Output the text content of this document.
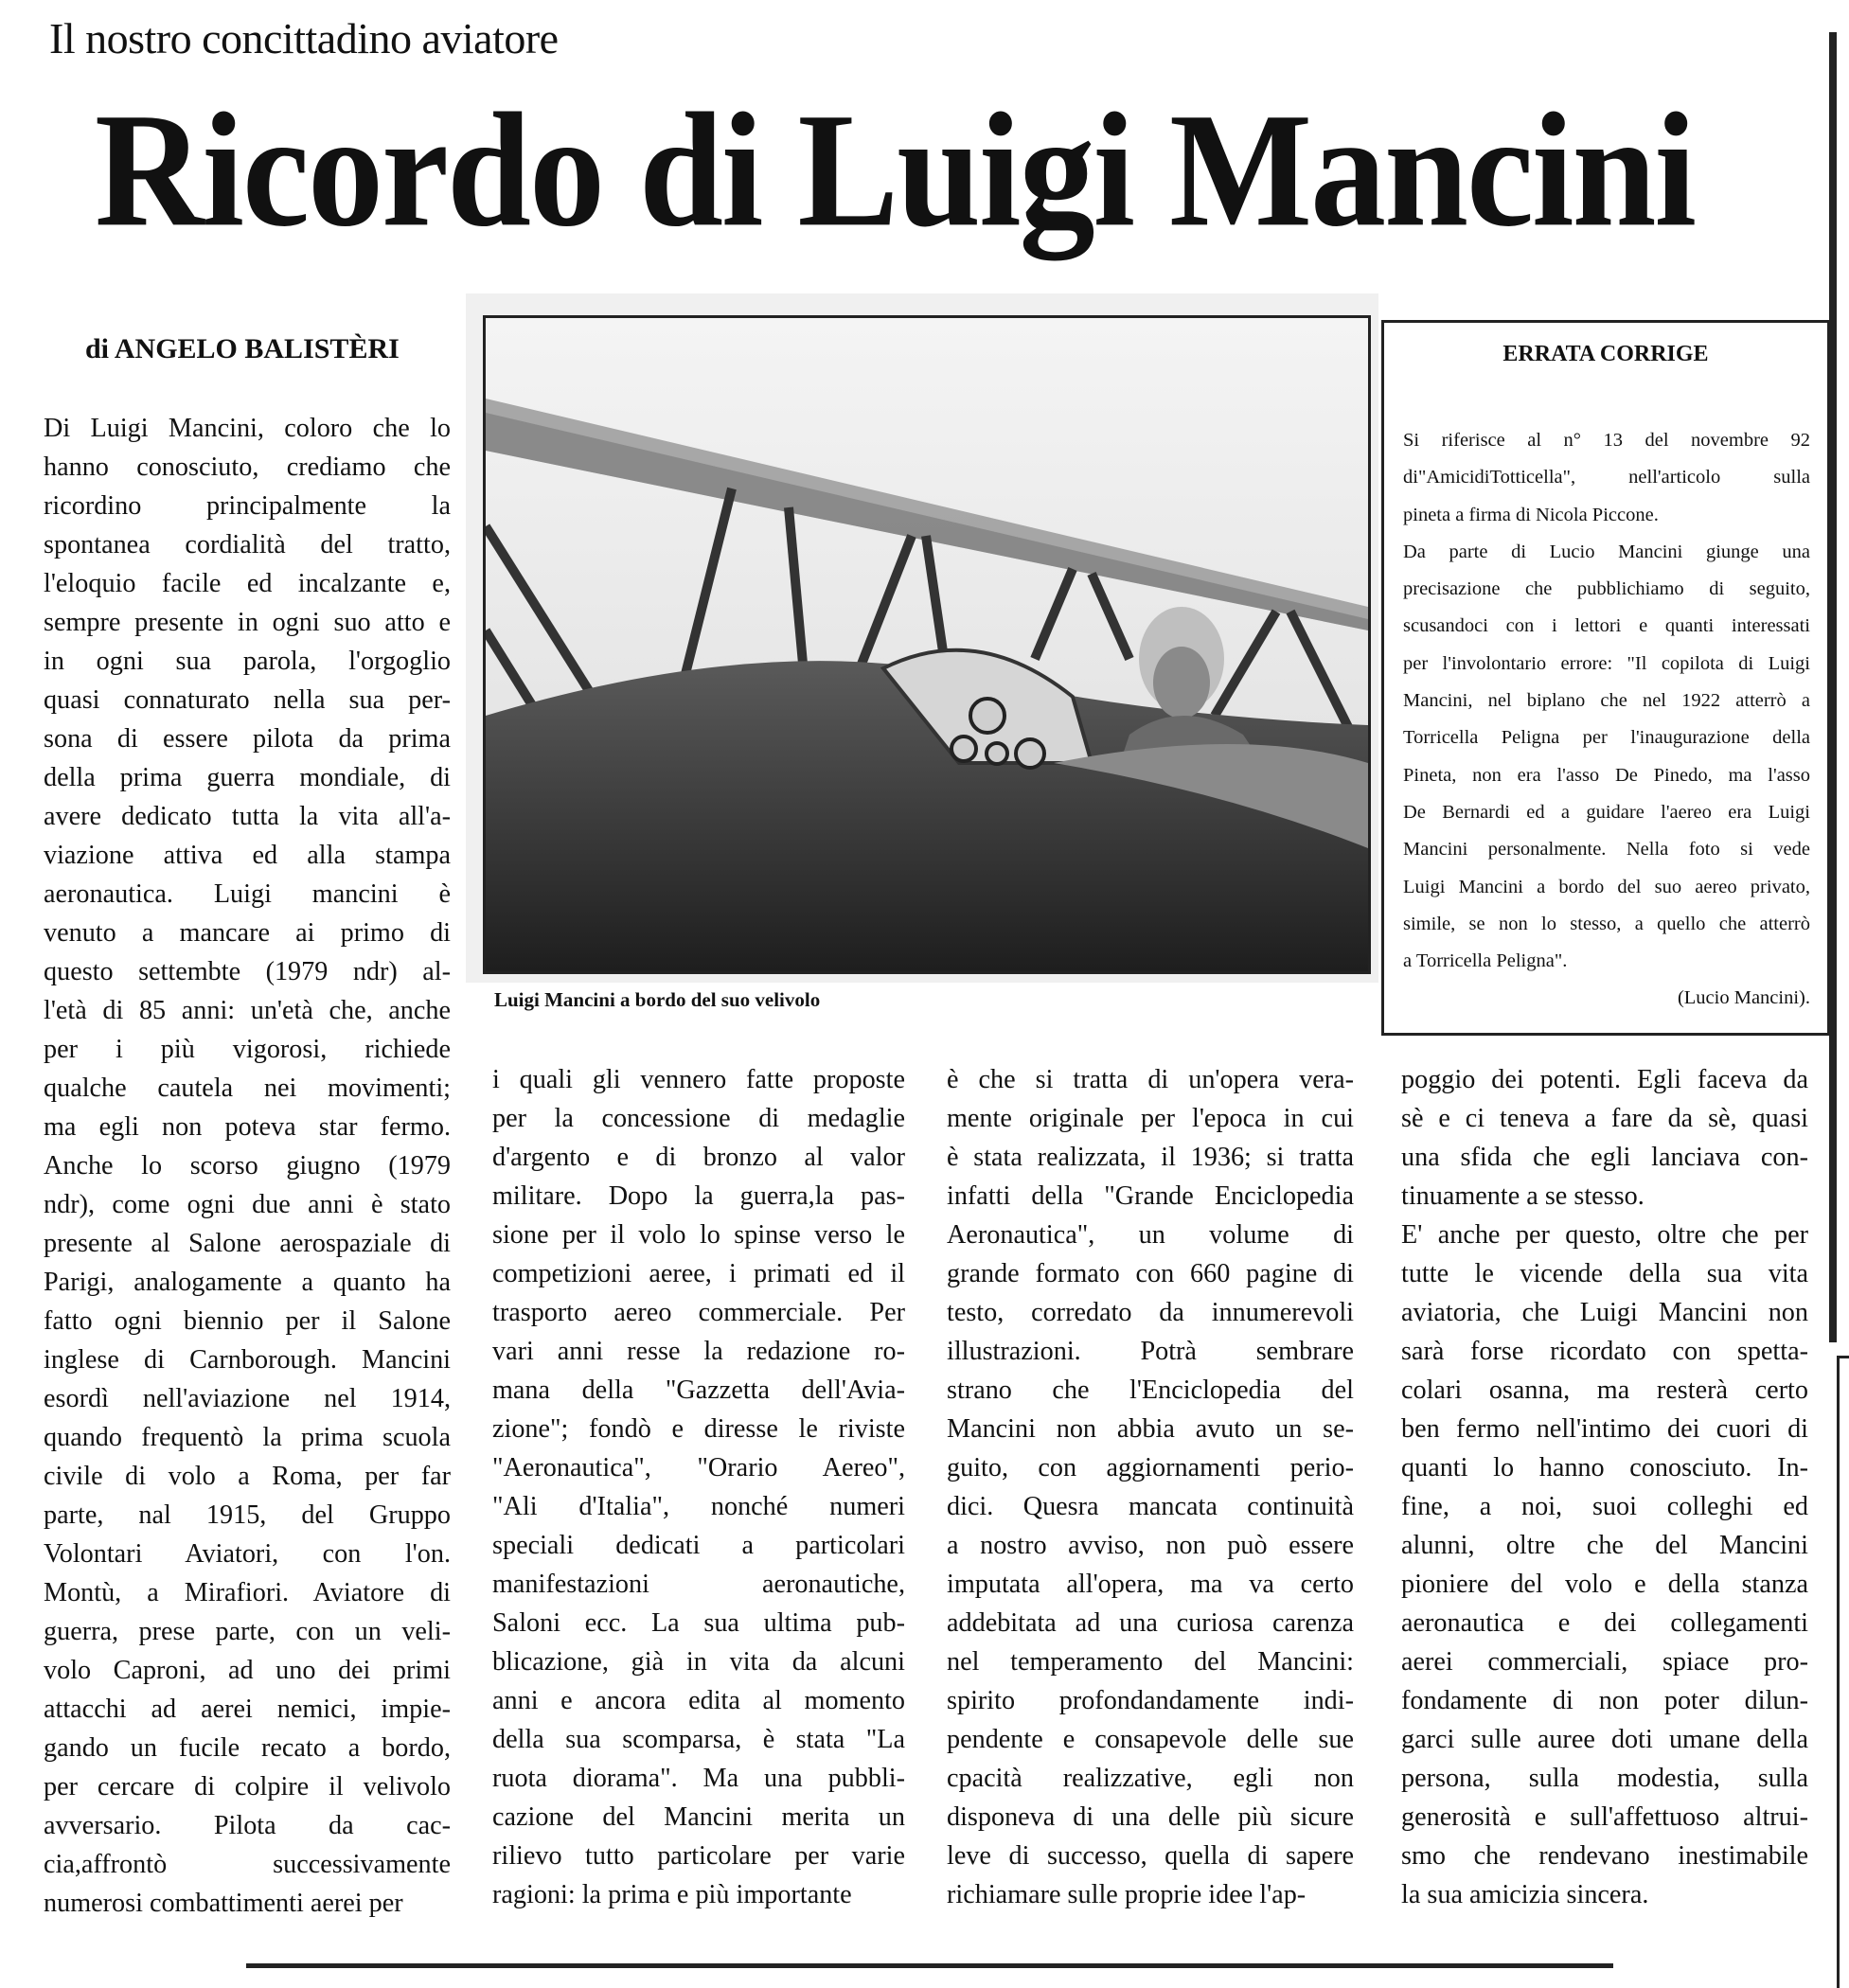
Il nostro concittadino aviatore
Ricordo di Luigi Mancini
di ANGELO BALISTÈRI
Luigi Mancini a bordo del suo velivolo
ERRATA CORRIGE
Si riferisce al n° 13 del novembre 92
di"AmicidiTotticella", nell'articolo sulla
pineta a firma di Nicola Piccone.
Da parte di Lucio Mancini giunge una
precisazione che pubblichiamo di seguito,
scusandoci con i lettori e quanti interessati
per l'involontario errore: "Il copilota di Luigi
Mancini, nel biplano che nel 1922 atterrò a
Torricella Peligna per l'inaugurazione della
Pineta, non era l'asso De Pinedo, ma l'asso
De Bernardi ed a guidare l'aereo era Luigi
Mancini personalmente. Nella foto si vede
Luigi Mancini a bordo del suo aereo privato,
simile, se non lo stesso, a quello che atterrò
a Torricella Peligna".
(Lucio Mancini).
Di Luigi Mancini, coloro che lo
hanno conosciuto, crediamo che
ricordino principalmente la
spontanea cordialità del tratto,
l'eloquio facile ed incalzante e,
sempre presente in ogni suo atto e
in ogni sua parola, l'orgoglio
quasi connaturato nella sua per-
sona di essere pilota da prima
della prima guerra mondiale, di
avere dedicato tutta la vita all'a-
viazione attiva ed alla stampa
aeronautica. Luigi mancini è
venuto a mancare ai primo di
questo settembte (1979 ndr) al-
l'età di 85 anni: un'età che, anche
per i più vigorosi, richiede
qualche cautela nei movimenti;
ma egli non poteva star fermo.
Anche lo scorso giugno (1979
ndr), come ogni due anni è stato
presente al Salone aerospaziale di
Parigi, analogamente a quanto ha
fatto ogni biennio per il Salone
inglese di Carnborough. Mancini
esordì nell'aviazione nel 1914,
quando frequentò la prima scuola
civile di volo a Roma, per far
parte, nal 1915, del Gruppo
Volontari Aviatori, con l'on.
Montù, a Mirafiori. Aviatore di
guerra, prese parte, con un veli-
volo Caproni, ad uno dei primi
attacchi ad aerei nemici, impie-
gando un fucile recato a bordo,
per cercare di colpire il velivolo
avversario. Pilota da cac-
cia,affrontò successivamente
numerosi combattimenti aerei per
i quali gli vennero fatte proposte
per la concessione di medaglie
d'argento e di bronzo al valor
militare. Dopo la guerra,la pas-
sione per il volo lo spinse verso le
competizioni aeree, i primati ed il
trasporto aereo commerciale. Per
vari anni resse la redazione ro-
mana della "Gazzetta dell'Avia-
zione"; fondò e diresse le riviste
"Aeronautica", "Orario Aereo",
"Ali d'Italia", nonché numeri
speciali dedicati a particolari
manifestazioni aeronautiche,
Saloni ecc. La sua ultima pub-
blicazione, già in vita da alcuni
anni e ancora edita al momento
della sua scomparsa, è stata "La
ruota diorama". Ma una pubbli-
cazione del Mancini merita un
rilievo tutto particolare per varie
ragioni: la prima e più importante
è che si tratta di un'opera vera-
mente originale per l'epoca in cui
è stata realizzata, il 1936; si tratta
infatti della "Grande Enciclopedia
Aeronautica", un volume di
grande formato con 660 pagine di
testo, corredato da innumerevoli
illustrazioni. Potrà sembrare
strano che l'Enciclopedia del
Mancini non abbia avuto un se-
guito, con aggiornamenti perio-
dici. Quesra mancata continuità
a nostro avviso, non può essere
imputata all'opera, ma va certo
addebitata ad una curiosa carenza
nel temperamento del Mancini:
spirito profondandamente indi-
pendente e consapevole delle sue
cpacità realizzative, egli non
disponeva di una delle più sicure
leve di successo, quella di sapere
richiamare sulle proprie idee l'ap-
poggio dei potenti. Egli faceva da
sè e ci teneva a fare da sè, quasi
una sfida che egli lanciava con-
tinuamente a se stesso.
E' anche per questo, oltre che per
tutte le vicende della sua vita
aviatoria, che Luigi Mancini non
sarà forse ricordato con spetta-
colari osanna, ma resterà certo
ben fermo nell'intimo dei cuori di
quanti lo hanno conosciuto. In-
fine, a noi, suoi colleghi ed
alunni, oltre che del Mancini
pioniere del volo e della stanza
aeronautica e dei collegamenti
aerei commerciali, spiace pro-
fondamente di non poter dilun-
garci sulle auree doti umane della
persona, sulla modestia, sulla
generosità e sull'affettuoso altrui-
smo che rendevano inestimabile
la sua amicizia sincera.
